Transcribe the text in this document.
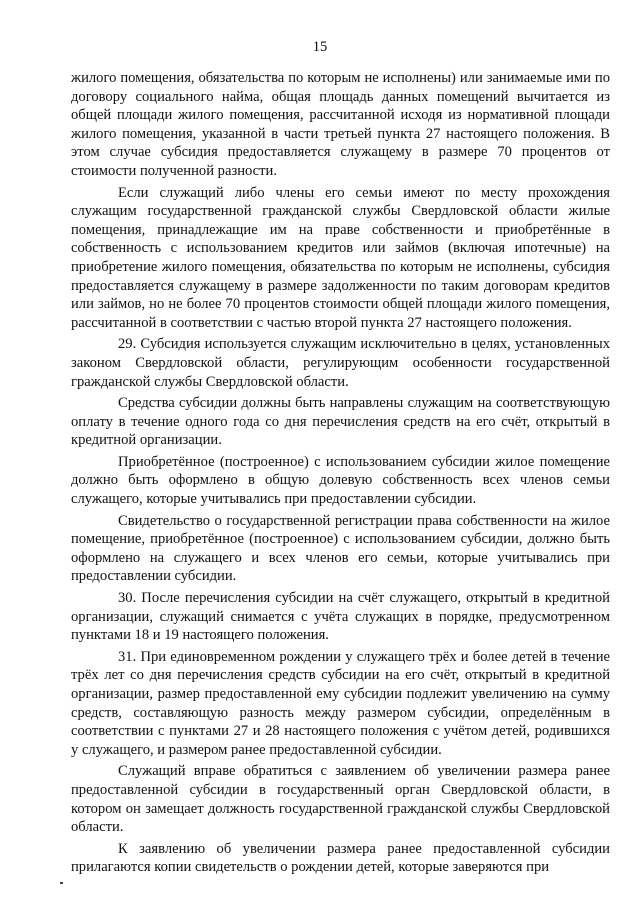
15

жилого помещения, обязательства по которым не исполнены) или занимаемые ими по договору социального найма, общая площадь данных помещений вычитается из общей площади жилого помещения, рассчитанной исходя из нормативной площади жилого помещения, указанной в части третьей пункта 27 настоящего положения. В этом случае субсидия предоставляется служащему в размере 70 процентов от стоимости полученной разности.

Если служащий либо члены его семьи имеют по месту прохождения служащим государственной гражданской службы Свердловской области жилые помещения, принадлежащие им на праве собственности и приобретённые в собственность с использованием кредитов или займов (включая ипотечные) на приобретение жилого помещения, обязательства по которым не исполнены, субсидия предоставляется служащему в размере задолженности по таким договорам кредитов или займов, но не более 70 процентов стоимости общей площади жилого помещения, рассчитанной в соответствии с частью второй пункта 27 настоящего положения.

29. Субсидия используется служащим исключительно в целях, установленных законом Свердловской области, регулирующим особенности государственной гражданской службы Свердловской области.

Средства субсидии должны быть направлены служащим на соответствующую оплату в течение одного года со дня перечисления средств на его счёт, открытый в кредитной организации.

Приобретённое (построенное) с использованием субсидии жилое помещение должно быть оформлено в общую долевую собственность всех членов семьи служащего, которые учитывались при предоставлении субсидии.

Свидетельство о государственной регистрации права собственности на жилое помещение, приобретённое (построенное) с использованием субсидии, должно быть оформлено на служащего и всех членов его семьи, которые учитывались при предоставлении субсидии.

30. После перечисления субсидии на счёт служащего, открытый в кредитной организации, служащий снимается с учёта служащих в порядке, предусмотренном пунктами 18 и 19 настоящего положения.

31. При единовременном рождении у служащего трёх и более детей в течение трёх лет со дня перечисления средств субсидии на его счёт, открытый в кредитной организации, размер предоставленной ему субсидии подлежит увеличению на сумму средств, составляющую разность между размером субсидии, определённым в соответствии с пунктами 27 и 28 настоящего положения с учётом детей, родившихся у служащего, и размером ранее предоставленной субсидии.

Служащий вправе обратиться с заявлением об увеличении размера ранее предоставленной субсидии в государственный орган Свердловской области, в котором он замещает должность государственной гражданской службы Свердловской области.

К заявлению об увеличении размера ранее предоставленной субсидии прилагаются копии свидетельств о рождении детей, которые заверяются при
